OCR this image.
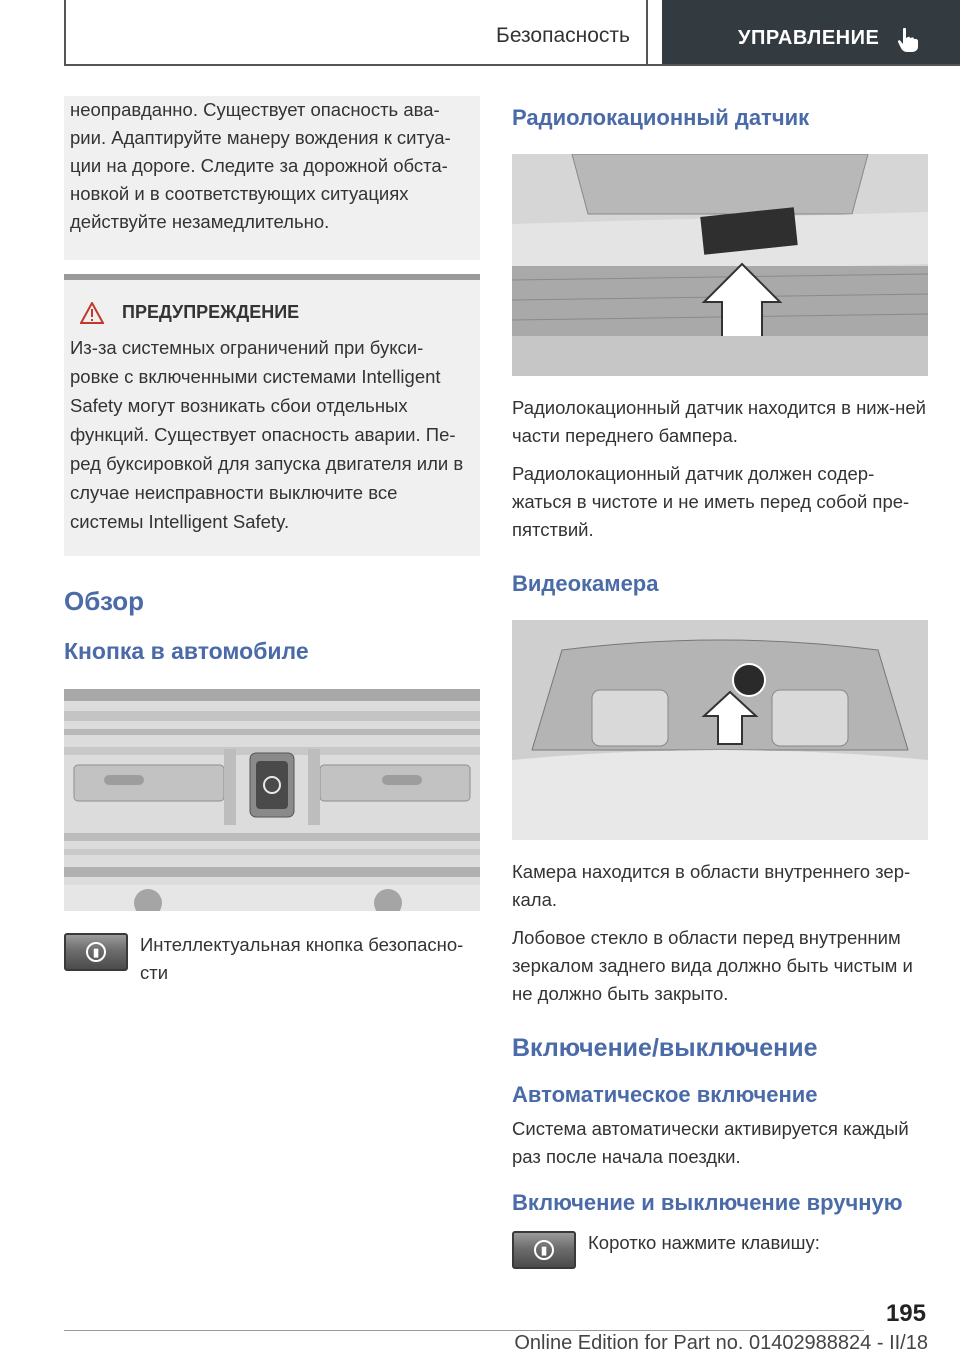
Безопасность	УПРАВЛЕНИЕ
неоправданно. Существует опасность ава-рии. Адаптируйте манеру вождения к ситуа-ции на дороге. Следите за дорожной обста-новкой и в соответствующих ситуациях действуйте незамедлительно.
ПРЕДУПРЕЖДЕНИЕ
Из-за системных ограничений при букси-ровке с включенными системами Intelligent Safety могут возникать сбои отдельных функций. Существует опасность аварии. Пе-ред буксировкой для запуска двигателя или в случае неисправности выключите все системы Intelligent Safety.
Обзор
Кнопка в автомобиле
▮	Интеллектуальная кнопка безопасно-сти
Радиолокационный датчик

Радиолокационный датчик находится в ниж-ней части переднего бампера.

Радиолокационный датчик должен содер-жаться в чистоте и не иметь перед собой пре-пятствий.

Видеокамера

Камера находится в области внутреннего зер-кала.

Лобовое стекло в области перед внутренним зеркалом заднего вида должно быть чистым и не должно быть закрыто.

Включение/выключение
Автоматическое включение

Система автоматически активируется каждый раз после начала поездки.

Включение и выключение вручную
▮	Коротко нажмите клавишу:
195
Online Edition for Part no. 01402988824 - II/18
